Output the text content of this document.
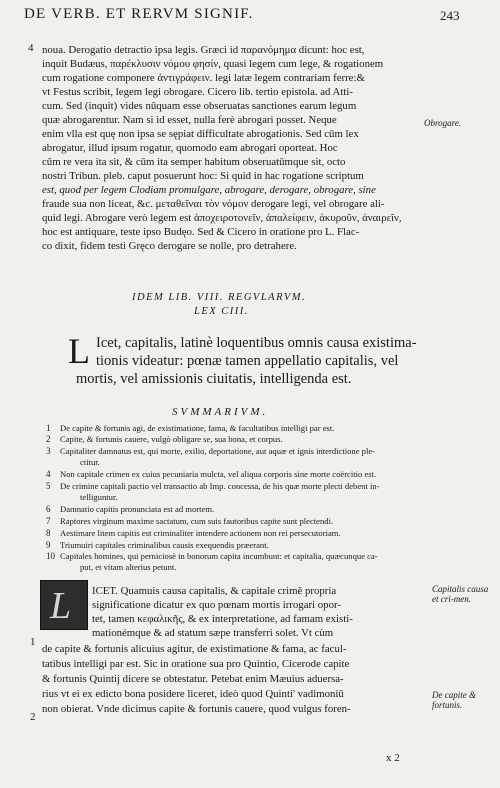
DE VERB. ET RERVM SIGNIF.	243
4 noua. Derogatio detractio ipsa legis. Græci id παρανόμημα dicunt: hoc est,
inquit Budæus, παρέκλυσιν νόμου φησίν, quasi legem cum lege, & rogationem
cum rogatione componere ἀντιγράφειν. legi latæ legem contrariam ferre:&
vt Festus scribit, legem legi obrogare. Cicero lib. tertio epistola. ad Atti-
cum. Sed (inquit) vides nūquam esse obseruatas sanctiones earum legum
quæ abrogarentur. Nam si id esset, nulla ferè abrogari posset. Neque
enim vlla est quę non ipsa se sępiat difficultate abrogationis. Sed cūm lex
abrogatur, illud ipsum rogatur, quomodo eam abrogari oporteat. Hoc
cūm re vera ita sit, & cūm ita semper habitum obseruatūmque sit, octo
nostri Tribun. pleb. caput posuerunt hoc: Si quid in hac rogatione scriptum
est, quod per legem Clodiam promulgare, abrogare, derogare, obrogare, sine
fraude sua non liceat, &c. μεταθεῖναι τὸν νόμον derogare legi, vel obrogare ali-
quid legi. Abrogare verò legem est ἀποχειροτονεῖν, ἀπαλείφειν, ἀκυροῦν, ἀναιρεῖν,
hoc est antiquare, teste ipso Budęo. Sed & Cicero in oratione pro L. Flac-
co dixit, fidem testi Gręco derogare se nolle, pro detrahere.
Obrogare.
IDEM LIB. VIII. REGVLARVM.
LEX CIII.
L Icet, capitalis, latinè loquentibus omnis causa existima-
tionis videatur: pœnæ tamen appellatio capitalis, vel
mortis, vel amissionis ciuitatis, intelligenda est.
SVMMARIVM.
1 De capite & fortunis agi, de existimatione, fama, & facultatibus intelligi par est.
2 Capite, & fortunis cauere, vulgò obligare se, sua bona, et corpus.
3 Capitaliter damnatus est, qui morte, exilio, deportatione, aut aquæ et ignis interdictione ple-
ctitur.
4 Non capitale crimen ex cuius pecuniaria mulcta, vel aliqua corporis sine morte coërcitio est.
5 De crimine capitali pactio vel transactio ab Imp. concessa, de his quæ morte plecti debent in-
telliguntur.
6 Damnatio capitis pronunciata est ad mortem.
7 Raptores virginum maxime sactatum, cum suis fautoribus capite sunt plectendi.
8 Aestimare litem capitis est criminaliter intendere actionem non rei persecutoriam.
9 Triumuiri capitales criminalibus causis exequendis præerant.
10 Capitales homines, qui perniciosè in bonorum capita incumbunt: et capitalia, quæcunque ca-
put, et vitam alterius petunt.
L ICET. Quamuis causa capitalis, & capitale crimē propria
significatione dicatur ex quo pœnam mortis irrogari opor-
tet, tamen κεφαλικῆς, & ex interpretatione, ad famam existi-
mationémque & ad statum sæpe transferri solet. Vt cùm
de capite & fortunis alicuius agitur, de existimatione & fama, ac facul-
tatibus intelligi par est. Sic in oratione sua pro Quintio, Cicerode capite
& fortunis Quintij dicere se obtestatur. Petebat enim Mæuius aduersa-
rius vt ei ex edicto bona posidere liceret, ideò quod Quinti' vadimoniū
non obierat. Vnde dicimus capite & fortunis cauere, quod vulgus foren-
1
2
Capitalis causa et cri-men.
De capite & fortunis.
x 2
